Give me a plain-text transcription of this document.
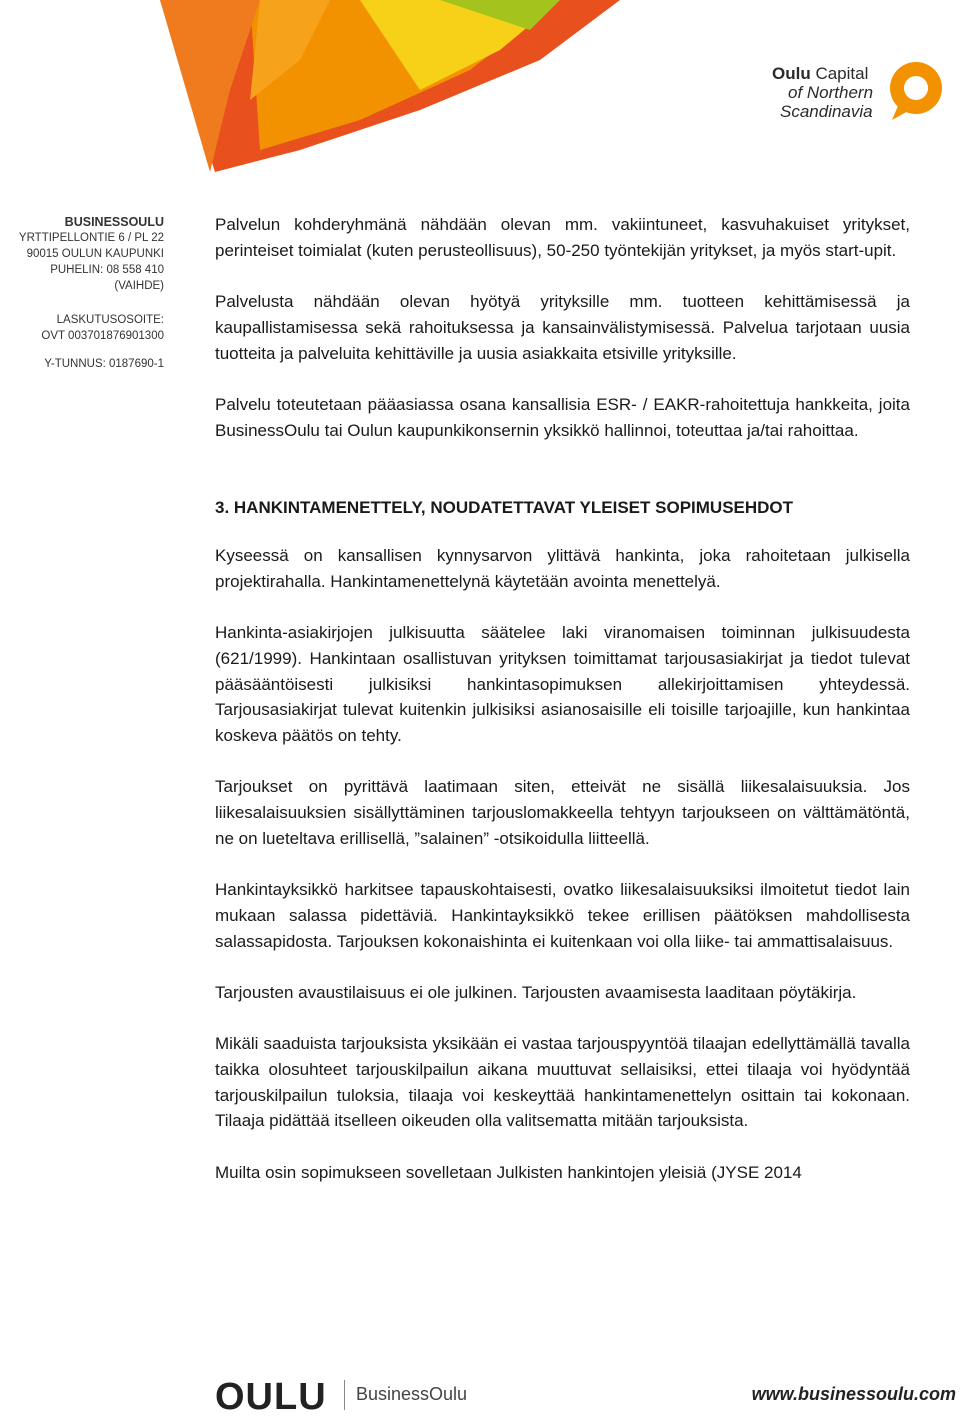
Oulu Capital
of Northern
Scandinavia
BUSINESSOULU
YRTTIPELLONTIE 6 / PL 22
90015 OULUN KAUPUNKI
PUHELIN: 08 558 410 (VAIHDE)
LASKUTUSOSOITE:
OVT 003701876901300
Y-TUNNUS: 0187690-1

Palvelun kohderyhmänä nähdään olevan mm. vakiintuneet, kasvuhakuiset yritykset, perinteiset toimialat (kuten perusteollisuus), 50-250 työntekijän yritykset, ja myös start-upit.

Palvelusta nähdään olevan hyötyä yrityksille mm. tuotteen kehittämisessä ja kaupallistamisessa sekä rahoituksessa ja kansainvälistymisessä. Palvelua tarjotaan uusia tuotteita ja palveluita kehittäville ja uusia asiakkaita etsiville yrityksille.

Palvelu toteutetaan pääasiassa osana kansallisia ESR- / EAKR-rahoitettuja hankkeita, joita BusinessOulu tai Oulun kaupunkikonsernin yksikkö hallinnoi, toteuttaa ja/tai rahoittaa.

3. HANKINTAMENETTELY, NOUDATETTAVAT YLEISET SOPIMUSEHDOT

Kyseessä on kansallisen kynnysarvon ylittävä hankinta, joka rahoitetaan julkisella projektirahalla. Hankintamenettelynä käytetään avointa menettelyä.

Hankinta-asiakirjojen julkisuutta säätelee laki viranomaisen toiminnan julkisuudesta (621/1999). Hankintaan osallistuvan yrityksen toimittamat tarjousasiakirjat ja tiedot tulevat pääsääntöisesti julkisiksi hankintasopimuksen allekirjoittamisen yhteydessä. Tarjousasiakirjat tulevat kuitenkin julkisiksi asianosaisille eli toisille tarjoajille, kun hankintaa koskeva päätös on tehty.

Tarjoukset on pyrittävä laatimaan siten, etteivät ne sisällä liikesalaisuuksia. Jos liikesalaisuuksien sisällyttäminen tarjouslomakkeella tehtyyn tarjoukseen on välttämätöntä, ne on lueteltava erillisellä, ”salainen” -otsikoidulla liitteellä.

Hankintayksikkö harkitsee tapauskohtaisesti, ovatko liikesalaisuuksiksi ilmoitetut tiedot lain mukaan salassa pidettäviä. Hankintayksikkö tekee erillisen päätöksen mahdollisesta salassapidosta. Tarjouksen kokonaishinta ei kuitenkaan voi olla liike- tai ammattisalaisuus.

Tarjousten avaustilaisuus ei ole julkinen. Tarjousten avaamisesta laaditaan pöytäkirja.

Mikäli saaduista tarjouksista yksikään ei vastaa tarjouspyyntöä tilaajan edellyttämällä tavalla taikka olosuhteet tarjouskilpailun aikana muuttuvat sellaisiksi, ettei tilaaja voi hyödyntää tarjouskilpailun tuloksia, tilaaja voi keskeyttää hankintamenettelyn osittain tai kokonaan. Tilaaja pidättää itselleen oikeuden olla valitsematta mitään tarjouksista.

Muilta osin sopimukseen sovelletaan Julkisten hankintojen yleisiä (JYSE 2014

OULU BusinessOulu	www.businessoulu.com
